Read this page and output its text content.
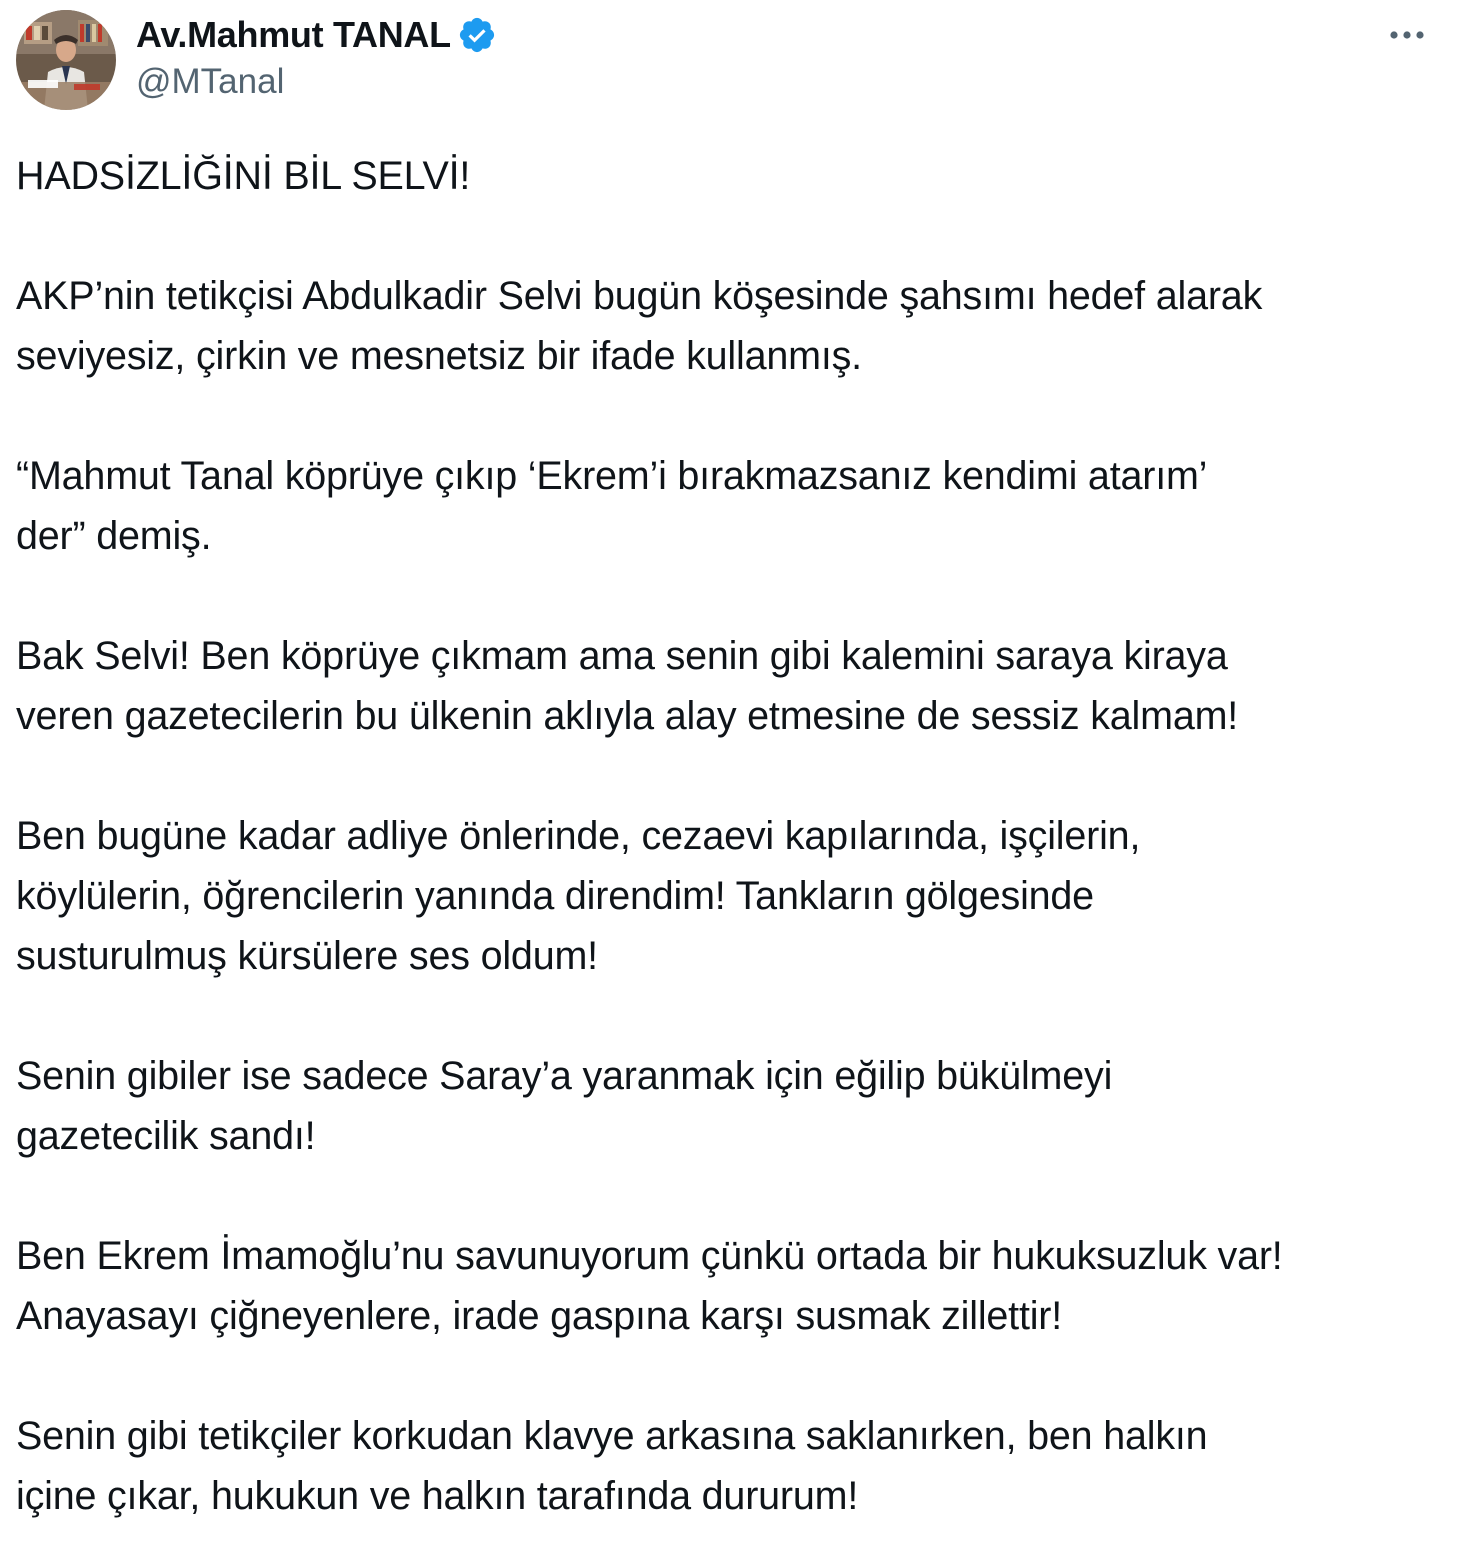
Av.Mahmut TANAL
@MTanal

HADSİZLİĞİNİ BİL SELVİ!

AKP’nin tetikçisi Abdulkadir Selvi bugün köşesinde şahsımı hedef alarak
seviyesiz, çirkin ve mesnetsiz bir ifade kullanmış.

“Mahmut Tanal köprüye çıkıp ‘Ekrem’i bırakmazsanız kendimi atarım’
der” demiş.

Bak Selvi! Ben köprüye çıkmam ama senin gibi kalemini saraya kiraya
veren gazetecilerin bu ülkenin aklıyla alay etmesine de sessiz kalmam!

Ben bugüne kadar adliye önlerinde, cezaevi kapılarında, işçilerin,
köylülerin, öğrencilerin yanında direndim! Tankların gölgesinde
susturulmuş kürsülere ses oldum!

Senin gibiler ise sadece Saray’a yaranmak için eğilip bükülmeyi
gazetecilik sandı!

Ben Ekrem İmamoğlu’nu savunuyorum çünkü ortada bir hukuksuzluk var!
Anayasayı çiğneyenlere, irade gaspına karşı susmak zillettir!

Senin gibi tetikçiler korkudan klavye arkasına saklanırken, ben halkın
içine çıkar, hukukun ve halkın tarafında dururum!
